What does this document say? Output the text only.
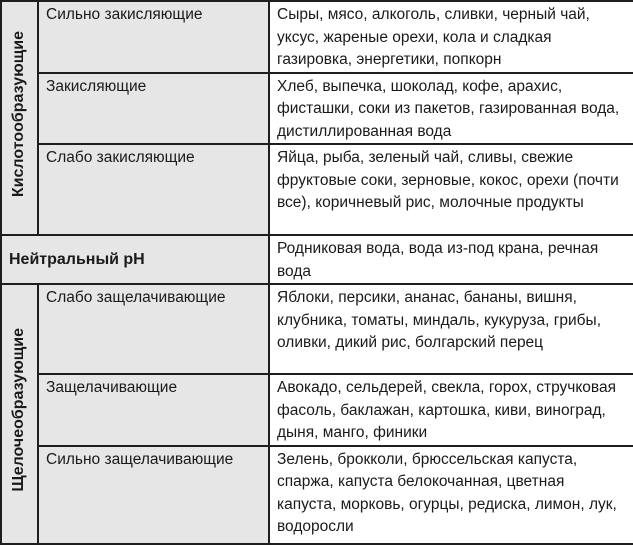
Кислотообразующие	Сильно закисляющие	Сыры, мясо, алкоголь, сливки, черный чай, уксус, жареные орехи, кола и сладкая газировка, энергетики, попкорн
	Закисляющие	Хлеб, выпечка, шоколад, кофе, арахис, фисташки, соки из пакетов, газированная вода, дистиллированная вода
	Слабо закисляющие	Яйца, рыба, зеленый чай, сливы, свежие фруктовые соки, зерновые, кокос, орехи (почти все), коричневый рис, молочные продукты
Нейтральный pH		Родниковая вода, вода из-под крана, речная вода
Щелочеобразующие	Слабо защелачивающие	Яблоки, персики, ананас, бананы, вишня, клубника, томаты, миндаль, кукуруза, грибы, оливки, дикий рис, болгарский перец
	Защелачивающие	Авокадо, сельдерей, свекла, горох, стручковая фасоль, баклажан, картошка, киви, виноград, дыня, манго, финики
	Сильно защелачивающие	Зелень, брокколи, брюссельская капуста, спаржа, капуста белокочанная, цветная капуста, морковь, огурцы, редиска, лимон, лук, водоросли
